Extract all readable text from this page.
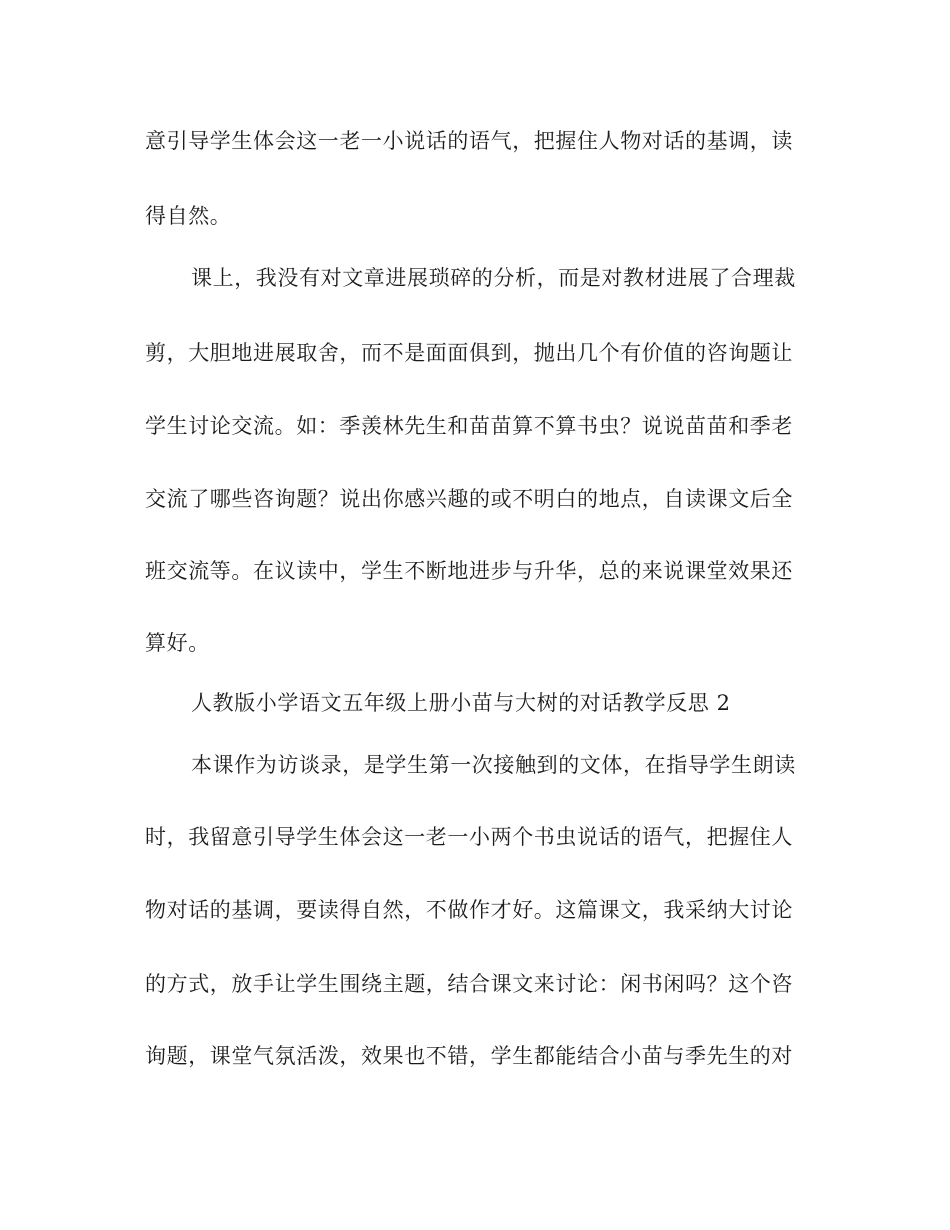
意引导学生体会这一老一小说话的语气，把握住人物对话的基调，读
得自然。
课上，我没有对文章进展琐碎的分析，而是对教材进展了合理裁
剪，大胆地进展取舍，而不是面面俱到，抛出几个有价值的咨询题让
学生讨论交流。如：季羡林先生和苗苗算不算书虫？说说苗苗和季老
交流了哪些咨询题？说出你感兴趣的或不明白的地点，自读课文后全
班交流等。在议读中，学生不断地进步与升华，总的来说课堂效果还
算好。
人教版小学语文五年级上册小苗与大树的对话教学反思 2
本课作为访谈录，是学生第一次接触到的文体，在指导学生朗读
时，我留意引导学生体会这一老一小两个书虫说话的语气，把握住人
物对话的基调，要读得自然，不做作才好。这篇课文，我采纳大讨论
的方式，放手让学生围绕主题，结合课文来讨论：闲书闲吗？这个咨
询题，课堂气氛活泼，效果也不错，学生都能结合小苗与季先生的对
